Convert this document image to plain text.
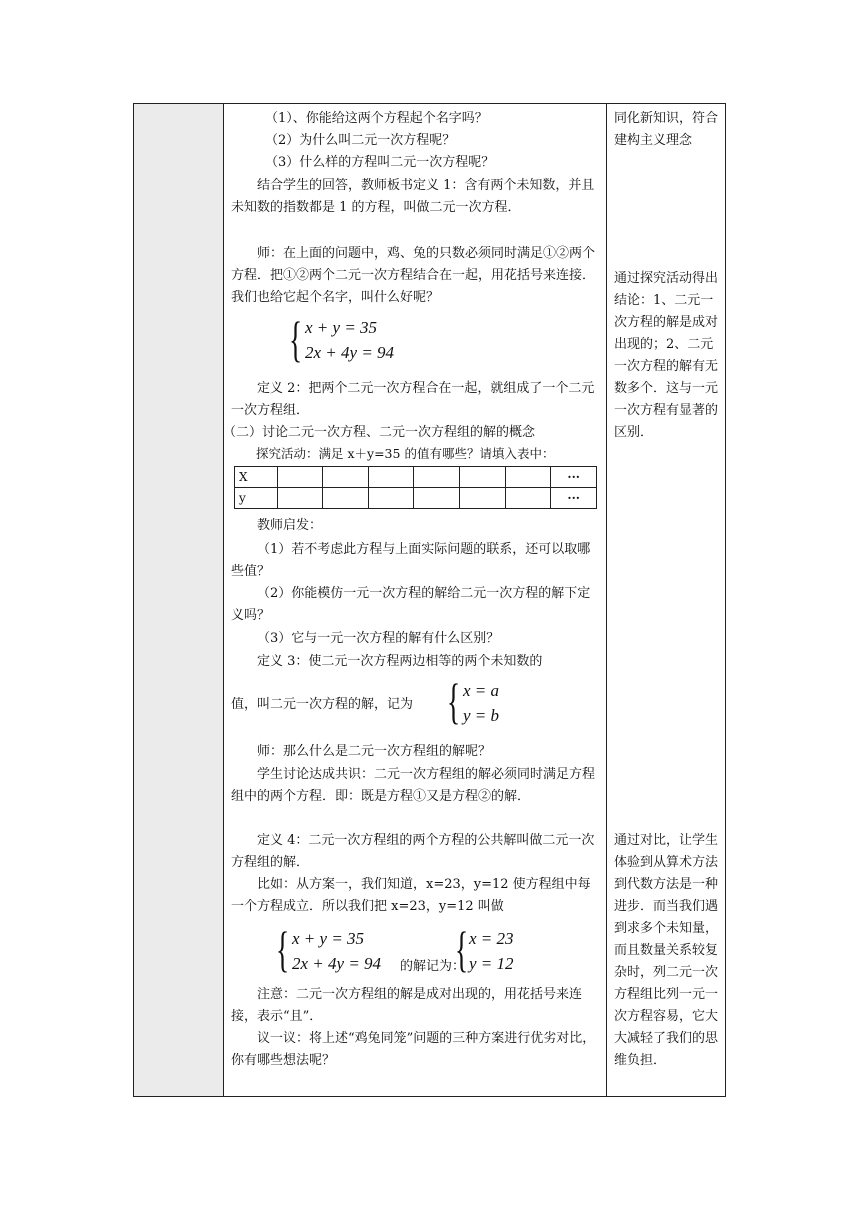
（1）、你能给这两个方程起个名字吗？
（2）为什么叫二元一次方程呢？
（3）什么样的方程叫二元一次方程呢？
结合学生的回答，教师板书定义 1：含有两个未知数，并且未知数的指数都是 1 的方程，叫做二元一次方程．
师：在上面的问题中，鸡、兔的只数必须同时满足①②两个方程．把①②两个二元一次方程结合在一起，用花括号来连接．我们也给它起个名字，叫什么好呢？
{ x + y = 35
2x + 4y = 94
定义 2：把两个二元一次方程合在一起，就组成了一个二元一次方程组．
（二）讨论二元一次方程、二元一次方程组的解的概念
探究活动：满足 x＋y=35 的值有哪些？请填入表中：
X							···
y							···
教师启发：
（1）若不考虑此方程与上面实际问题的联系，还可以取哪些值？
（2）你能模仿一元一次方程的解给二元一次方程的解下定义吗？
（3）它与一元一次方程的解有什么区别？
定义 3：使二元一次方程两边相等的两个未知数的
值，叫二元一次方程的解，记为 { x = a
y = b
师：那么什么是二元一次方程组的解呢？
学生讨论达成共识：二元一次方程组的解必须同时满足方程组中的两个方程．即：既是方程①又是方程②的解．
定义 4：二元一次方程组的两个方程的公共解叫做二元一次方程组的解．
比如：从方案一，我们知道，x=23，y=12 使方程组中每一个方程成立．所以我们把 x=23，y=12 叫做
{ x + y = 35
2x + 4y = 94 的解记为：
{ x = 23
y = 12
注意：二元一次方程组的解是成对出现的，用花括号来连接，表示“且”．
议一议：将上述“鸡兔同笼”问题的三种方案进行优劣对比，你有哪些想法呢？
同化新知识，符合建构主义理念
通过探究活动得出结论：1、二元一次方程的解是成对出现的；2、二元一次方程的解有无数多个．这与一元一次方程有显著的区别．
通过对比，让学生体验到从算术方法到代数方法是一种进步．而当我们遇到求多个未知量，而且数量关系较复杂时，列二元一次方程组比列一元一次方程容易，它大大减轻了我们的思维负担．
